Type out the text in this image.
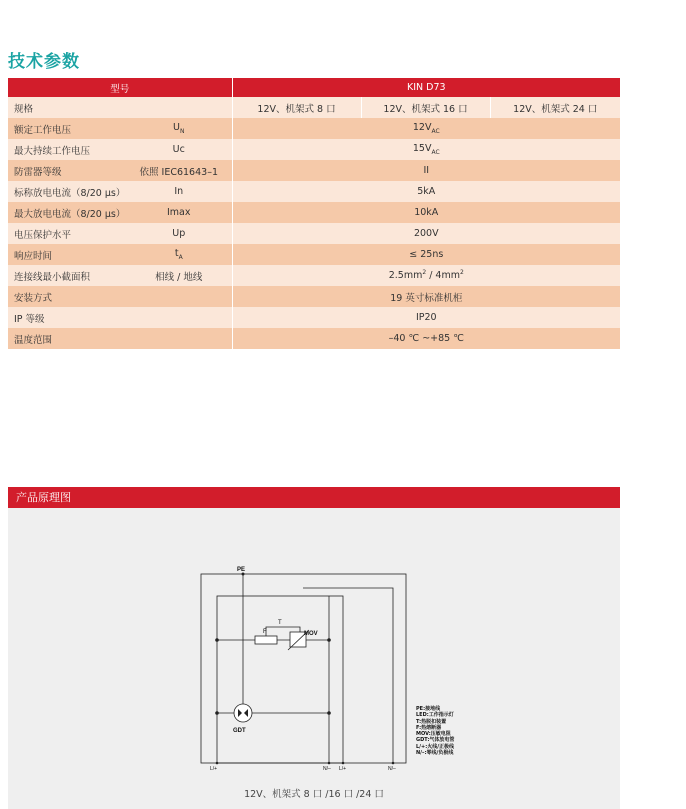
技术参数
型号		KIN D73		
规格		12V、机架式 8 口	12V、机架式 16 口	12V、机架式 24 口
额定工作电压	$U_N$	$12V_{AC}$
最大持续工作电压	Uc	$15V_{AC}$
防雷器等级	依照 IEC61643–1	II		
标称放电电流（8/20 μs）	In	5kA		
最大放电电流（8/20 μs）	Imax	10kA		
电压保护水平	Up	200V		
响应时间	$t_A$	≤ 25ns		
连接线最小截面积	相线 / 地线	$2.5mm^2 / 4mm^2$
安装方式		19 英寸标准机柜		
IP 等级		IP20		
温度范围		–40 ℃ ~+85 ℃		
产品原理图
PE
T
F	MOV
GDT
L/+	N/– L/+	N/–
PE:接地线
LED:工作指示灯
T:热脱扣装置
F:热熔断器
MOV:压敏电阻
GDT:气体放电管
L/+:火线/正极线
N/–:零线/负极线
12V、机架式 8 口 /16 口 /24 口
